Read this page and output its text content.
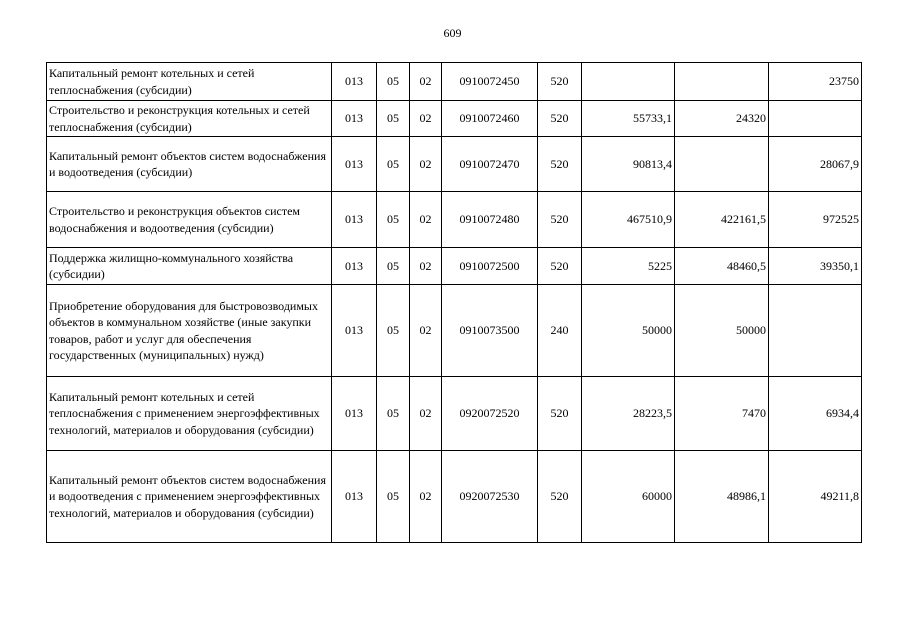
609
Капитальный ремонт котельных и сетей теплоснабжения (субсидии)	013	05	02	0910072450	520			23750
Строительство и реконструкция котельных и сетей теплоснабжения (субсидии)	013	05	02	0910072460	520	55733,1	24320	
Капитальный ремонт объектов систем водоснабжения и водоотведения (субсидии)	013	05	02	0910072470	520	90813,4		28067,9
Строительство и реконструкция объектов систем водоснабжения и водоотведения (субсидии)	013	05	02	0910072480	520	467510,9	422161,5	972525
Поддержка жилищно-коммунального хозяйства (субсидии)	013	05	02	0910072500	520	5225	48460,5	39350,1
Приобретение оборудования для быстровозводимых объектов в коммунальном хозяйстве (иные закупки товаров, работ и услуг для обеспечения государственных (муниципальных) нужд)	013	05	02	0910073500	240	50000	50000	
Капитальный ремонт котельных и сетей теплоснабжения с применением энергоэффективных технологий, материалов и оборудования (субсидии)	013	05	02	0920072520	520	28223,5	7470	6934,4
Капитальный ремонт объектов систем водоснабжения и водоотведения с применением энергоэффективных технологий, материалов и оборудования (субсидии)	013	05	02	0920072530	520	60000	48986,1	49211,8
